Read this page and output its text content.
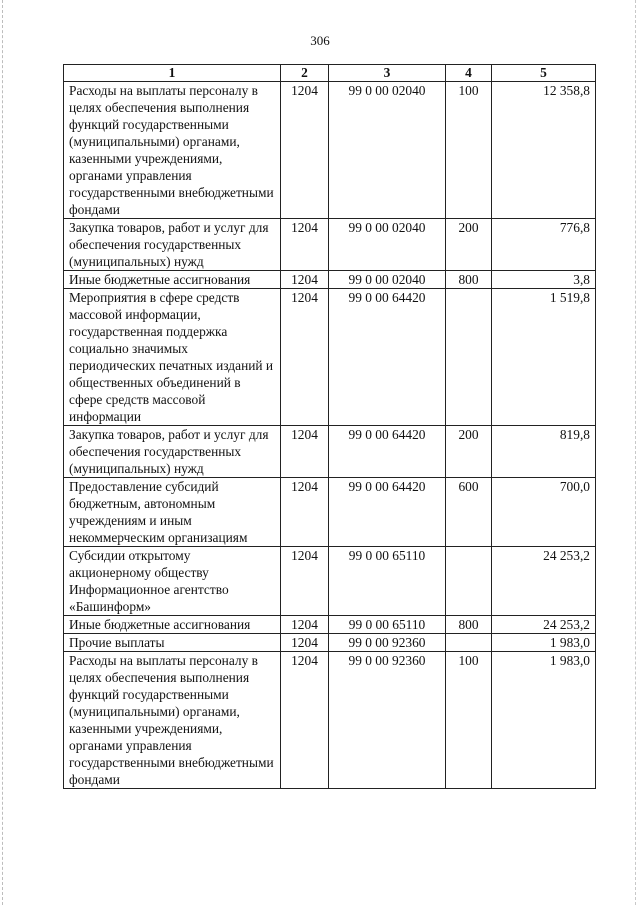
306
1	2	3	4	5
Расходы на выплаты персоналу в целях обеспечения выполнения функций государственными (муниципальными) органами, казенными учреждениями, органами управления государственными внебюджетными фондами	1204	99 0 00 02040	100	12 358,8
Закупка товаров, работ и услуг для обеспечения государственных (муниципальных) нужд	1204	99 0 00 02040	200	776,8
Иные бюджетные ассигнования	1204	99 0 00 02040	800	3,8
Мероприятия в сфере средств массовой информации, государственная поддержка социально значимых периодических печатных изданий и общественных объединений в сфере средств массовой информации	1204	99 0 00 64420		1 519,8
Закупка товаров, работ и услуг для обеспечения государственных (муниципальных) нужд	1204	99 0 00 64420	200	819,8
Предоставление субсидий бюджетным, автономным учреждениям и иным некоммерческим организациям	1204	99 0 00 64420	600	700,0
Субсидии открытому акционерному обществу Информационное агентство «Башинформ»	1204	99 0 00 65110		24 253,2
Иные бюджетные ассигнования	1204	99 0 00 65110	800	24 253,2
Прочие выплаты	1204	99 0 00 92360		1 983,0
Расходы на выплаты персоналу в целях обеспечения выполнения функций государственными (муниципальными) органами, казенными учреждениями, органами управления государственными внебюджетными фондами	1204	99 0 00 92360	100	1 983,0
